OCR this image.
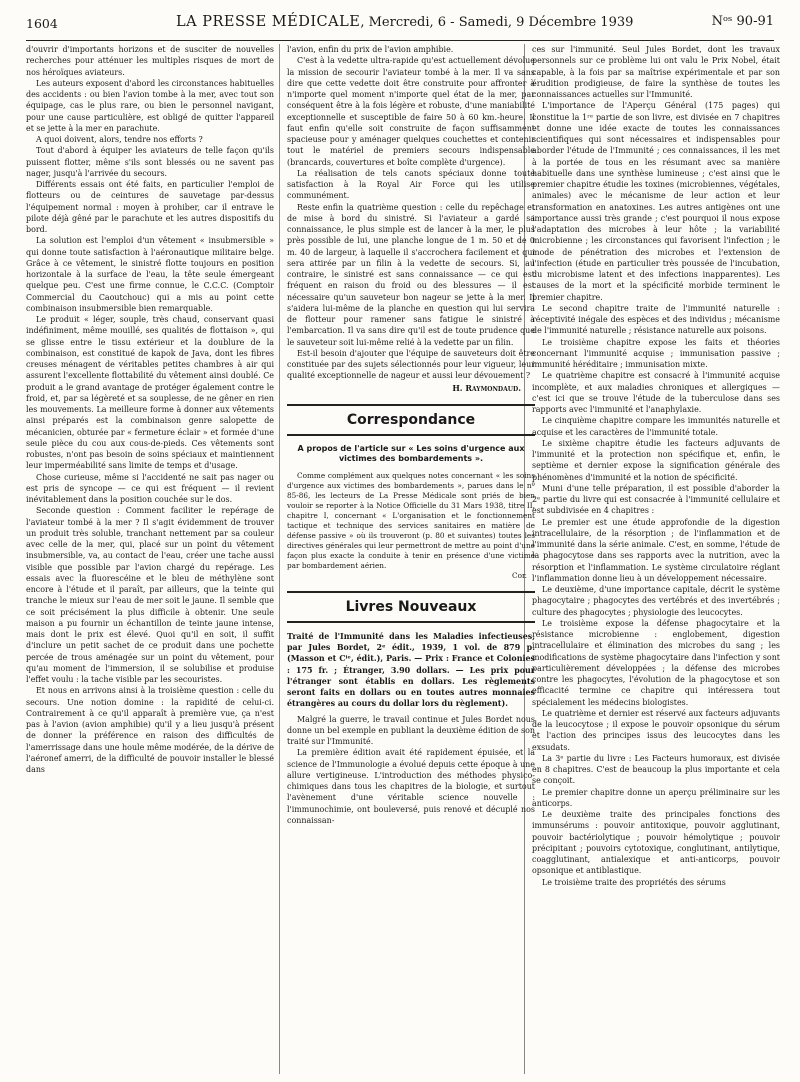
1604	LA PRESSE MÉDICALE, Mercredi, 6 - Samedi, 9 Décembre 1939	Nᵒˢ 90-91

d'ouvrir d'importants horizons et de susciter de nouvelles recherches pour atténuer les multiples risques de mort de nos héroïques aviateurs.

Les auteurs exposent d'abord les circonstances habituelles des accidents : ou bien l'avion tombe à la mer, avec tout son équipage, cas le plus rare, ou bien le personnel navigant, pour une cause particulière, est obligé de quitter l'appareil et se jette à la mer en parachute.

A quoi doivent, alors, tendre nos efforts ?

Tout d'abord à équiper les aviateurs de telle façon qu'ils puissent flotter, même s'ils sont blessés ou ne savent pas nager, jusqu'à l'arrivée du secours.

Différents essais ont été faits, en particulier l'emploi de flotteurs ou de ceintures de sauvetage par-dessus l'équipement normal : moyen à prohiber, car il entrave le pilote déjà gêné par le parachute et les autres dispositifs du bord.

La solution est l'emploi d'un vêtement « insubmersible » qui donne toute satisfaction à l'aéronautique militaire belge. Grâce à ce vêtement, le sinistré flotte toujours en position horizontale à la surface de l'eau, la tête seule émergeant quelque peu. C'est une firme connue, le C.C.C. (Comptoir Commercial du Caoutchouc) qui a mis au point cette combinaison insubmersible bien remarquable.

Le produit « léger, souple, très chaud, conservant quasi indéfiniment, même mouillé, ses qualités de flottaison », qui se glisse entre le tissu extérieur et la doublure de la combinaison, est constitué de kapok de Java, dont les fibres creuses ménagent de véritables petites chambres à air qui assurent l'excellente flottabilité du vêtement ainsi doublé. Ce produit a le grand avantage de protéger également contre le froid, et, par sa légèreté et sa souplesse, de ne gêner en rien les mouvements. La meilleure forme à donner aux vêtements ainsi préparés est la combinaison genre salopette de mécanicien, obturée par « fermeture éclair » et formée d'une seule pièce du cou aux cous-de-pieds. Ces vêtements sont robustes, n'ont pas besoin de soins spéciaux et maintiennent leur imperméabilité sans limite de temps et d'usage.

Chose curieuse, même si l'accidenté ne sait pas nager ou est pris de syncope — ce qui est fréquent — il revient inévitablement dans la position couchée sur le dos.

Seconde question : Comment faciliter le repérage de l'aviateur tombé à la mer ? Il s'agit évidemment de trouver un produit très soluble, tranchant nettement par sa couleur avec celle de la mer, qui, placé sur un point du vêtement insubmersible, va, au contact de l'eau, créer une tache aussi visible que possible par l'avion chargé du repérage. Les essais avec la fluorescéine et le bleu de méthylène sont encore à l'étude et il paraît, par ailleurs, que la teinte qui tranche le mieux sur l'eau de mer soit le jaune. Il semble que ce soit précisément la plus difficile à obtenir. Une seule maison a pu fournir un échantillon de teinte jaune intense, mais dont le prix est élevé. Quoi qu'il en soit, il suffit d'inclure un petit sachet de ce produit dans une pochette percée de trous aménagée sur un point du vêtement, pour qu'au moment de l'immersion, il se solubilise et produise l'effet voulu : la tache visible par les secouristes.

Et nous en arrivons ainsi à la troisième question : celle du secours. Une notion domine : la rapidité de celui-ci. Contrairement à ce qu'il apparaît à première vue, ça n'est pas à l'avion (avion amphibie) qu'il y a lieu jusqu'à présent de donner la préférence en raison des difficultés de l'amerrissage dans une houle même modérée, de la dérive de l'aéronef amerri, de la difficulté de pouvoir installer le blessé dans

l'avion, enfin du prix de l'avion amphibie.

C'est à la vedette ultra-rapide qu'est actuellement dévolue la mission de secourir l'aviateur tombé à la mer. Il va sans dire que cette vedette doit être construite pour affronter à n'importe quel moment n'importe quel état de la mer, par conséquent être à la fois légère et robuste, d'une maniabilité exceptionnelle et susceptible de faire 50 à 60 km.-heure. Il faut enfin qu'elle soit construite de façon suffisamment spacieuse pour y aménager quelques couchettes et contenir tout le matériel de premiers secours indispensable (brancards, couvertures et boîte complète d'urgence).

La réalisation de tels canots spéciaux donne toute satisfaction à la Royal Air Force qui les utilise communément.

Reste enfin la quatrième question : celle du repêchage et de mise à bord du sinistré. Si l'aviateur a gardé sa connaissance, le plus simple est de lancer à la mer, le plus près possible de lui, une planche longue de 1 m. 50 et de 0 m. 40 de largeur, à laquelle il s'accrochera facilement et qui sera attirée par un filin à la vedette de secours. Si, au contraire, le sinistré est sans connaissance — ce qui est fréquent en raison du froid ou des blessures — il est nécessaire qu'un sauveteur bon nageur se jette à la mer. Il s'aidera lui-même de la planche en question qui lui servira de flotteur pour ramener sans fatigue le sinistré à l'embarcation. Il va sans dire qu'il est de toute prudence que le sauveteur soit lui-même relié à la vedette par un filin.

Est-il besoin d'ajouter que l'équipe de sauveteurs doit être constituée par des sujets sélectionnés pour leur vigueur, leur qualité exceptionnelle de nageur et aussi leur dévouement ?

H. Raymondaud.

Correspondance

A propos de l'article sur « Les soins d'urgence aux victimes des bombardements ».

Comme complément aux quelques notes concernant « les soins d'urgence aux victimes des bombardements », parues dans le nº 85-86, les lecteurs de La Presse Médicale sont priés de bien vouloir se reporter à la Notice Officielle du 31 Mars 1938, titre II, chapitre I, concernant « L'organisation et le fonctionnement tactique et technique des services sanitaires en matière de défense passive » où ils trouveront (p. 80 et suivantes) toutes les directives générales qui leur permettront de mettre au point d'une façon plus exacte la conduite à tenir en présence d'une victime par bombardement aérien.

Cor.

Livres Nouveaux

Traité de l'Immunité dans les Maladies infectieuses, par Jules Bordet, 2ᵉ édit., 1939, 1 vol. de 879 p. (Masson et Cⁱᵉ, édit.), Paris. — Prix : France et Colonies : 175 fr. ; Étranger, 3.90 dollars. — Les prix pour l'étranger sont établis en dollars. Les règlements seront faits en dollars ou en toutes autres monnaies étrangères au cours du dollar lors du règlement).

Malgré la guerre, le travail continue et Jules Bordet nous donne un bel exemple en publiant la deuxième édition de son traité sur l'Immunité.

La première édition avait été rapidement épuisée, et la science de l'Immunologie a évolué depuis cette époque à une allure vertigineuse. L'introduction des méthodes physico-chimiques dans tous les chapitres de la biologie, et surtout l'avènement d'une véritable science nouvelle : l'immunochimie, ont bouleversé, puis renové et décuplé nos connaissan-

ces sur l'immunité. Seul Jules Bordet, dont les travaux personnels sur ce problème lui ont valu le Prix Nobel, était capable, à la fois par sa maîtrise expérimentale et par son érudition prodigieuse, de faire la synthèse de toutes les connaissances actuelles sur l'Immunité.

L'importance de l'Aperçu Général (175 pages) qui constitue la 1ʳᵉ partie de son livre, est divisée en 7 chapitres et donne une idée exacte de toutes les connaissances scientifiques qui sont nécessaires et indispensables pour aborder l'étude de l'Immunité ; ces connaissances, il les met à la portée de tous en les résumant avec sa manière habituelle dans une synthèse lumineuse ; c'est ainsi que le premier chapitre étudie les toxines (microbiennes, végétales, animales) avec le mécanisme de leur action et leur transformation en anatoxines. Les autres antigènes ont une importance aussi très grande ; c'est pourquoi il nous expose l'adaptation des microbes à leur hôte ; la variabilité microbienne ; les circonstances qui favorisent l'infection ; le mode de pénétration des microbes et l'extension de l'infection (étude en particulier très poussée de l'incubation, du microbisme latent et des infections inapparentes). Les causes de la mort et la spécificité morbide terminent le premier chapitre.

Le second chapitre traite de l'immunité naturelle : réceptivité inégale des espèces et des individus ; mécanisme de l'immunité naturelle ; résistance naturelle aux poisons.

Le troisième chapitre expose les faits et théories concernant l'immunité acquise ; immunisation passive ; immunité héréditaire ; immunisation mixte.

Le quatrième chapitre est consacré à l'immunité acquise incomplète, et aux maladies chroniques et allergiques — c'est ici que se trouve l'étude de la tuberculose dans ses rapports avec l'immunité et l'anaphylaxie.

Le cinquième chapitre compare les immunités naturelle et acquise et les caractères de l'immunité totale.

Le sixième chapitre étudie les facteurs adjuvants de l'immunité et la protection non spécifique et, enfin, le septième et dernier expose la signification générale des phénomènes d'immunité et la notion de spécificité.

Muni d'une telle préparation, il est possible d'aborder la 2ᵉ partie du livre qui est consacrée à l'immunité cellulaire et est subdivisée en 4 chapitres :

Le premier est une étude approfondie de la digestion intracellulaire, de la résorption ; de l'inflammation et de l'immunité dans la série animale. C'est, en somme, l'étude de la phagocytose dans ses rapports avec la nutrition, avec la résorption et l'inflammation. Le système circulatoire réglant l'inflammation donne lieu à un développement nécessaire.

Le deuxième, d'une importance capitale, décrit le système phagocytaire ; phagocytes des vertébrés et des invertébrés ; culture des phagocytes ; physiologie des leucocytes.

Le troisième expose la défense phagocytaire et la résistance microbienne : englobement, digestion intracellulaire et élimination des microbes du sang ; les modifications de système phagocytaire dans l'infection y sont particulièrement développées ; la défense des microbes contre les phagocytes, l'évolution de la phagocytose et son efficacité termine ce chapitre qui intéressera tout spécialement les médecins biologistes.

Le quatrième et dernier est réservé aux facteurs adjuvants de la leucocytose ; il expose le pouvoir opsonique du sérum et l'action des principes issus des leucocytes dans les exsudats.

La 3ᵉ partie du livre : Les Facteurs humoraux, est divisée en 8 chapitres. C'est de beaucoup la plus importante et cela se conçoit.

Le premier chapitre donne un aperçu préliminaire sur les anticorps.

Le deuxième traite des principales fonctions des immunsérums : pouvoir antitoxique, pouvoir agglutinant, pouvoir bactériolytique ; pouvoir hémolytique ; pouvoir précipitant ; pouvoirs cytotoxique, conglutinant, antilytique, coagglutinant, antialexique et anti-anticorps, pouvoir opsonique et antiblastique.

Le troisième traite des propriétés des sérums
